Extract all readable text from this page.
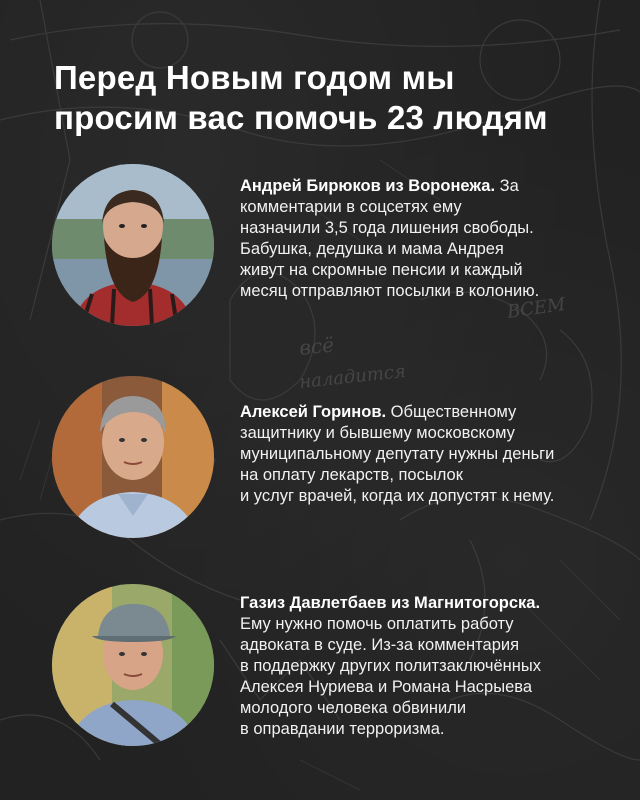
всё
наладится
ВСЕМ
Перед Новым годом мы
просим вас помочь 23 людям
Андрей Бирюков из Воронежа. За
комментарии в соцсетях ему
назначили 3,5 года лишения свободы.
Бабушка, дедушка и мама Андрея
живут на скромные пенсии и каждый
месяц отправляют посылки в колонию.
Алексей Горинов. Общественному
защитнику и бывшему московскому
муниципальному депутату нужны деньги
на оплату лекарств, посылок
и услуг врачей, когда их допустят к нему.
Газиз Давлетбаев из Магнитогорска.
Ему нужно помочь оплатить работу
адвоката в суде. Из-за комментария
в поддержку других политзаключённых
Алексея Нуриева и Романа Насрыева
молодого человека обвинили
в оправдании терроризма.
